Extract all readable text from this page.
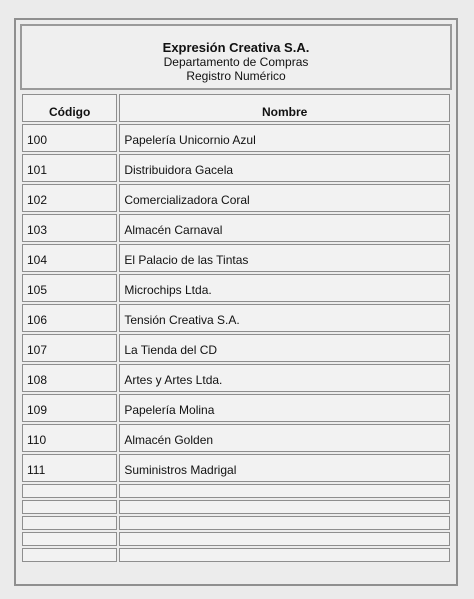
Expresión Creativa S.A.
Departamento de Compras
Registro Numérico
Código	Nombre
100	Papelería Unicornio Azul
101	Distribuidora Gacela
102	Comercializadora Coral
103	Almacén Carnaval
104	El Palacio de las Tintas
105	Microchips Ltda.
106	Tensión Creativa S.A.
107	La Tienda del CD
108	Artes y Artes Ltda.
109	Papelería Molina
110	Almacén Golden
111	Suministros Madrigal
